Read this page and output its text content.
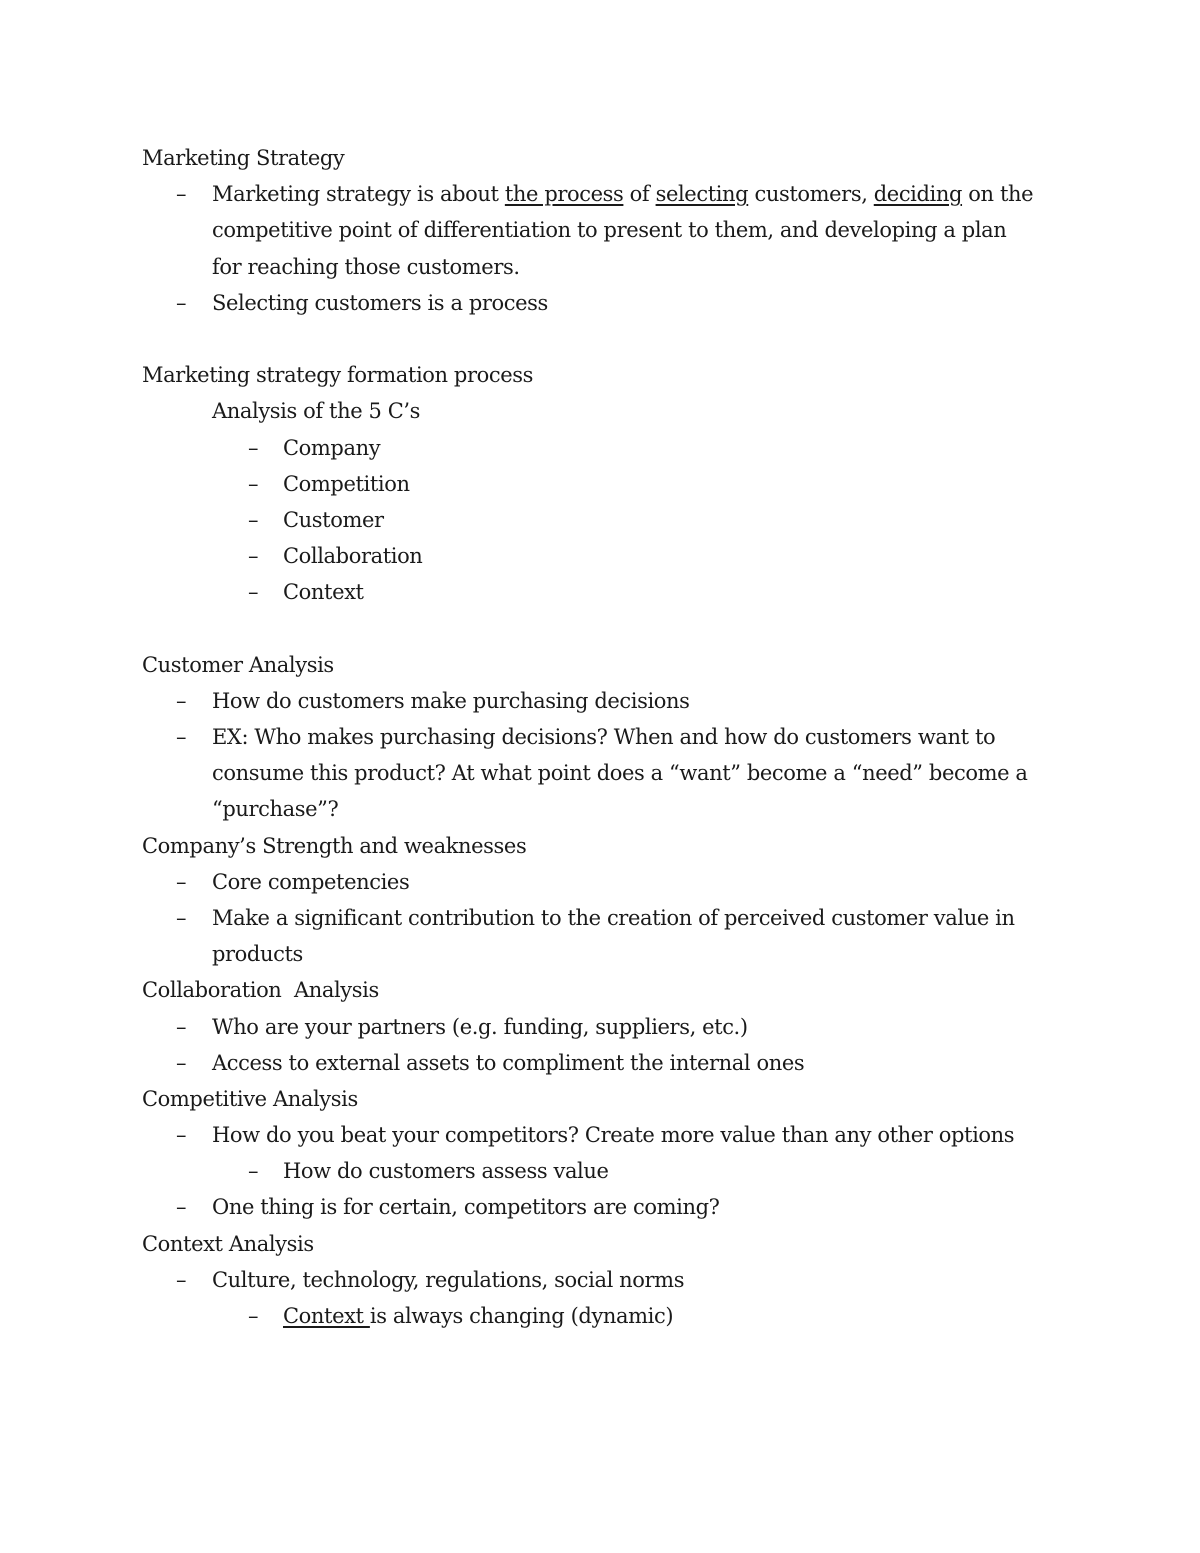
Marketing Strategy
– Marketing strategy is about the process of selecting customers, deciding on the
competitive point of differentiation to present to them, and developing a plan
for reaching those customers.
– Selecting customers is a process
Marketing strategy formation process
Analysis of the 5 C’s
– Company
– Competition
– Customer
– Collaboration
– Context
Customer Analysis
– How do customers make purchasing decisions
– EX: Who makes purchasing decisions? When and how do customers want to
consume this product? At what point does a “want” become a “need” become a
“purchase”?
Company’s Strength and weaknesses
– Core competencies
– Make a significant contribution to the creation of perceived customer value in
products
Collaboration  Analysis
– Who are your partners (e.g. funding, suppliers, etc.)
– Access to external assets to compliment the internal ones
Competitive Analysis
– How do you beat your competitors? Create more value than any other options
– How do customers assess value
– One thing is for certain, competitors are coming?
Context Analysis
– Culture, technology, regulations, social norms
– Context is always changing (dynamic)
